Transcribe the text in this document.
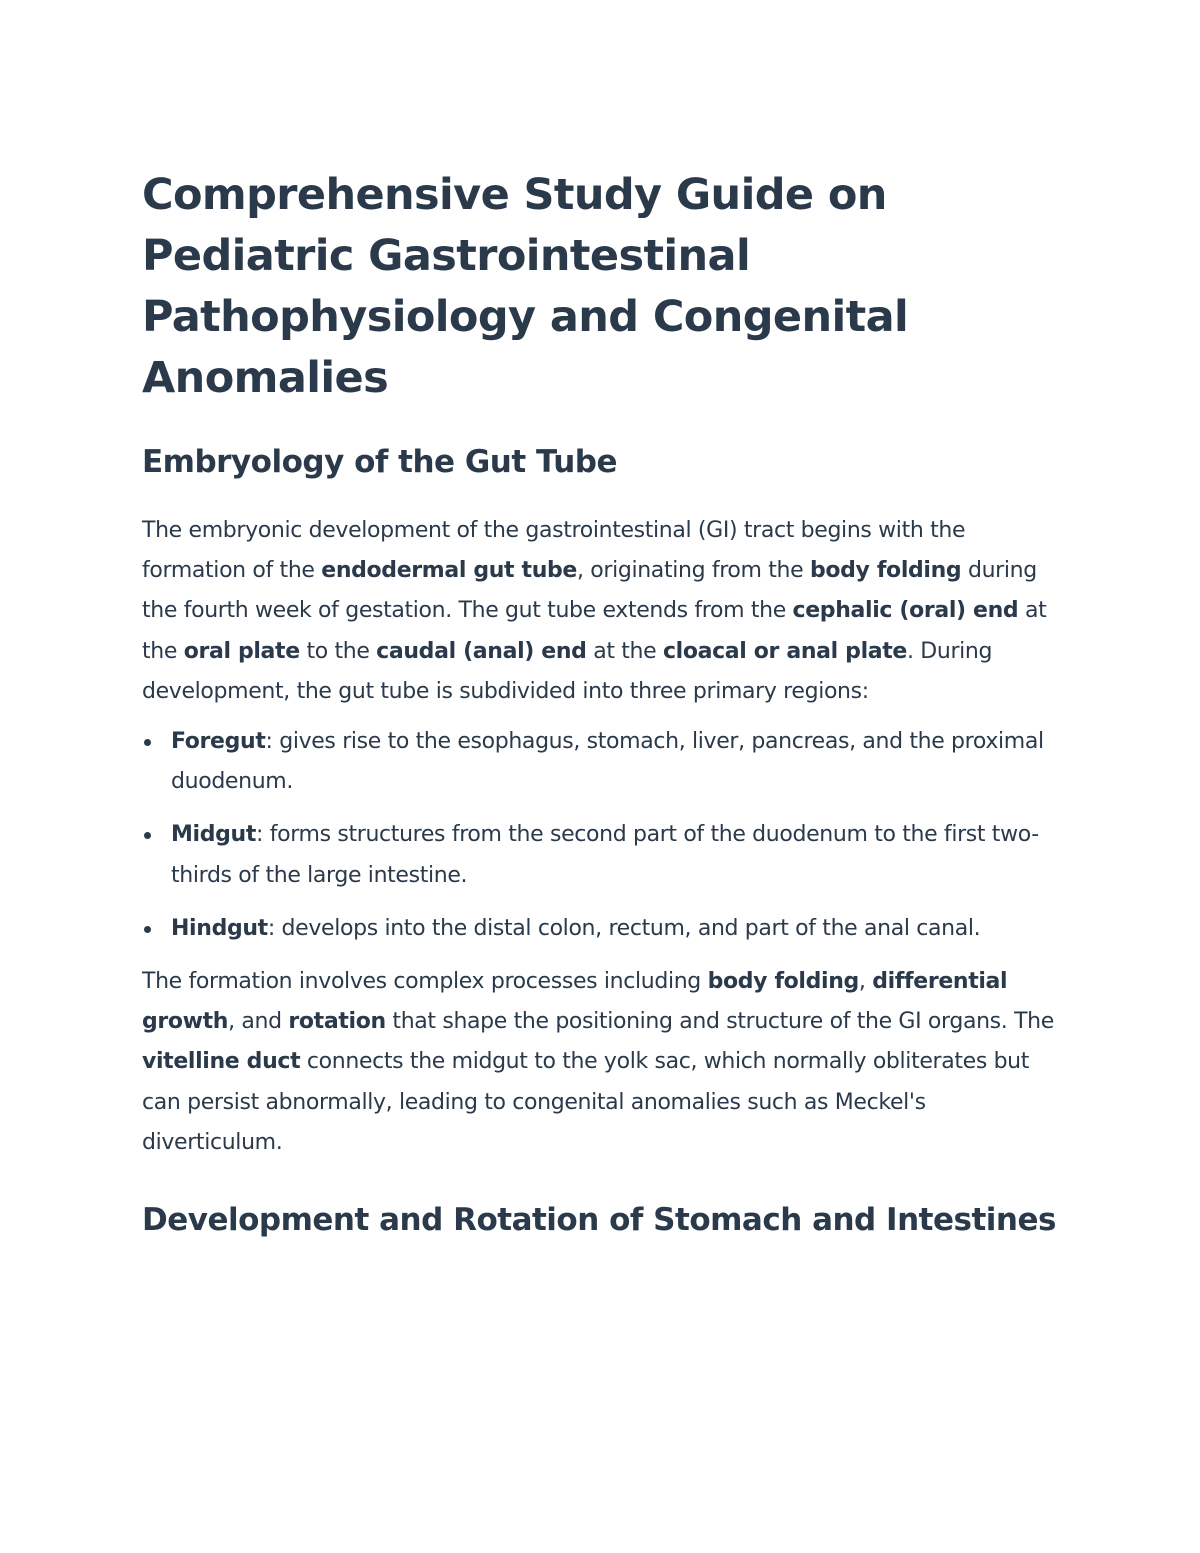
Comprehensive Study Guide on Pediatric Gastrointestinal Pathophysiology and Congenital Anomalies
Embryology of the Gut Tube

The embryonic development of the gastrointestinal (GI) tract begins with the formation of the endodermal gut tube, originating from the body folding during the fourth week of gestation. The gut tube extends from the cephalic (oral) end at the oral plate to the caudal (anal) end at the cloacal or anal plate. During development, the gut tube is subdivided into three primary regions:

Foregut: gives rise to the esophagus, stomach, liver, pancreas, and the proximal duodenum.
Midgut: forms structures from the second part of the duodenum to the first two-thirds of the large intestine.
Hindgut: develops into the distal colon, rectum, and part of the anal canal.

The formation involves complex processes including body folding, differential growth, and rotation that shape the positioning and structure of the GI organs. The vitelline duct connects the midgut to the yolk sac, which normally obliterates but can persist abnormally, leading to congenital anomalies such as Meckel's diverticulum.

Development and Rotation of Stomach and Intestines
